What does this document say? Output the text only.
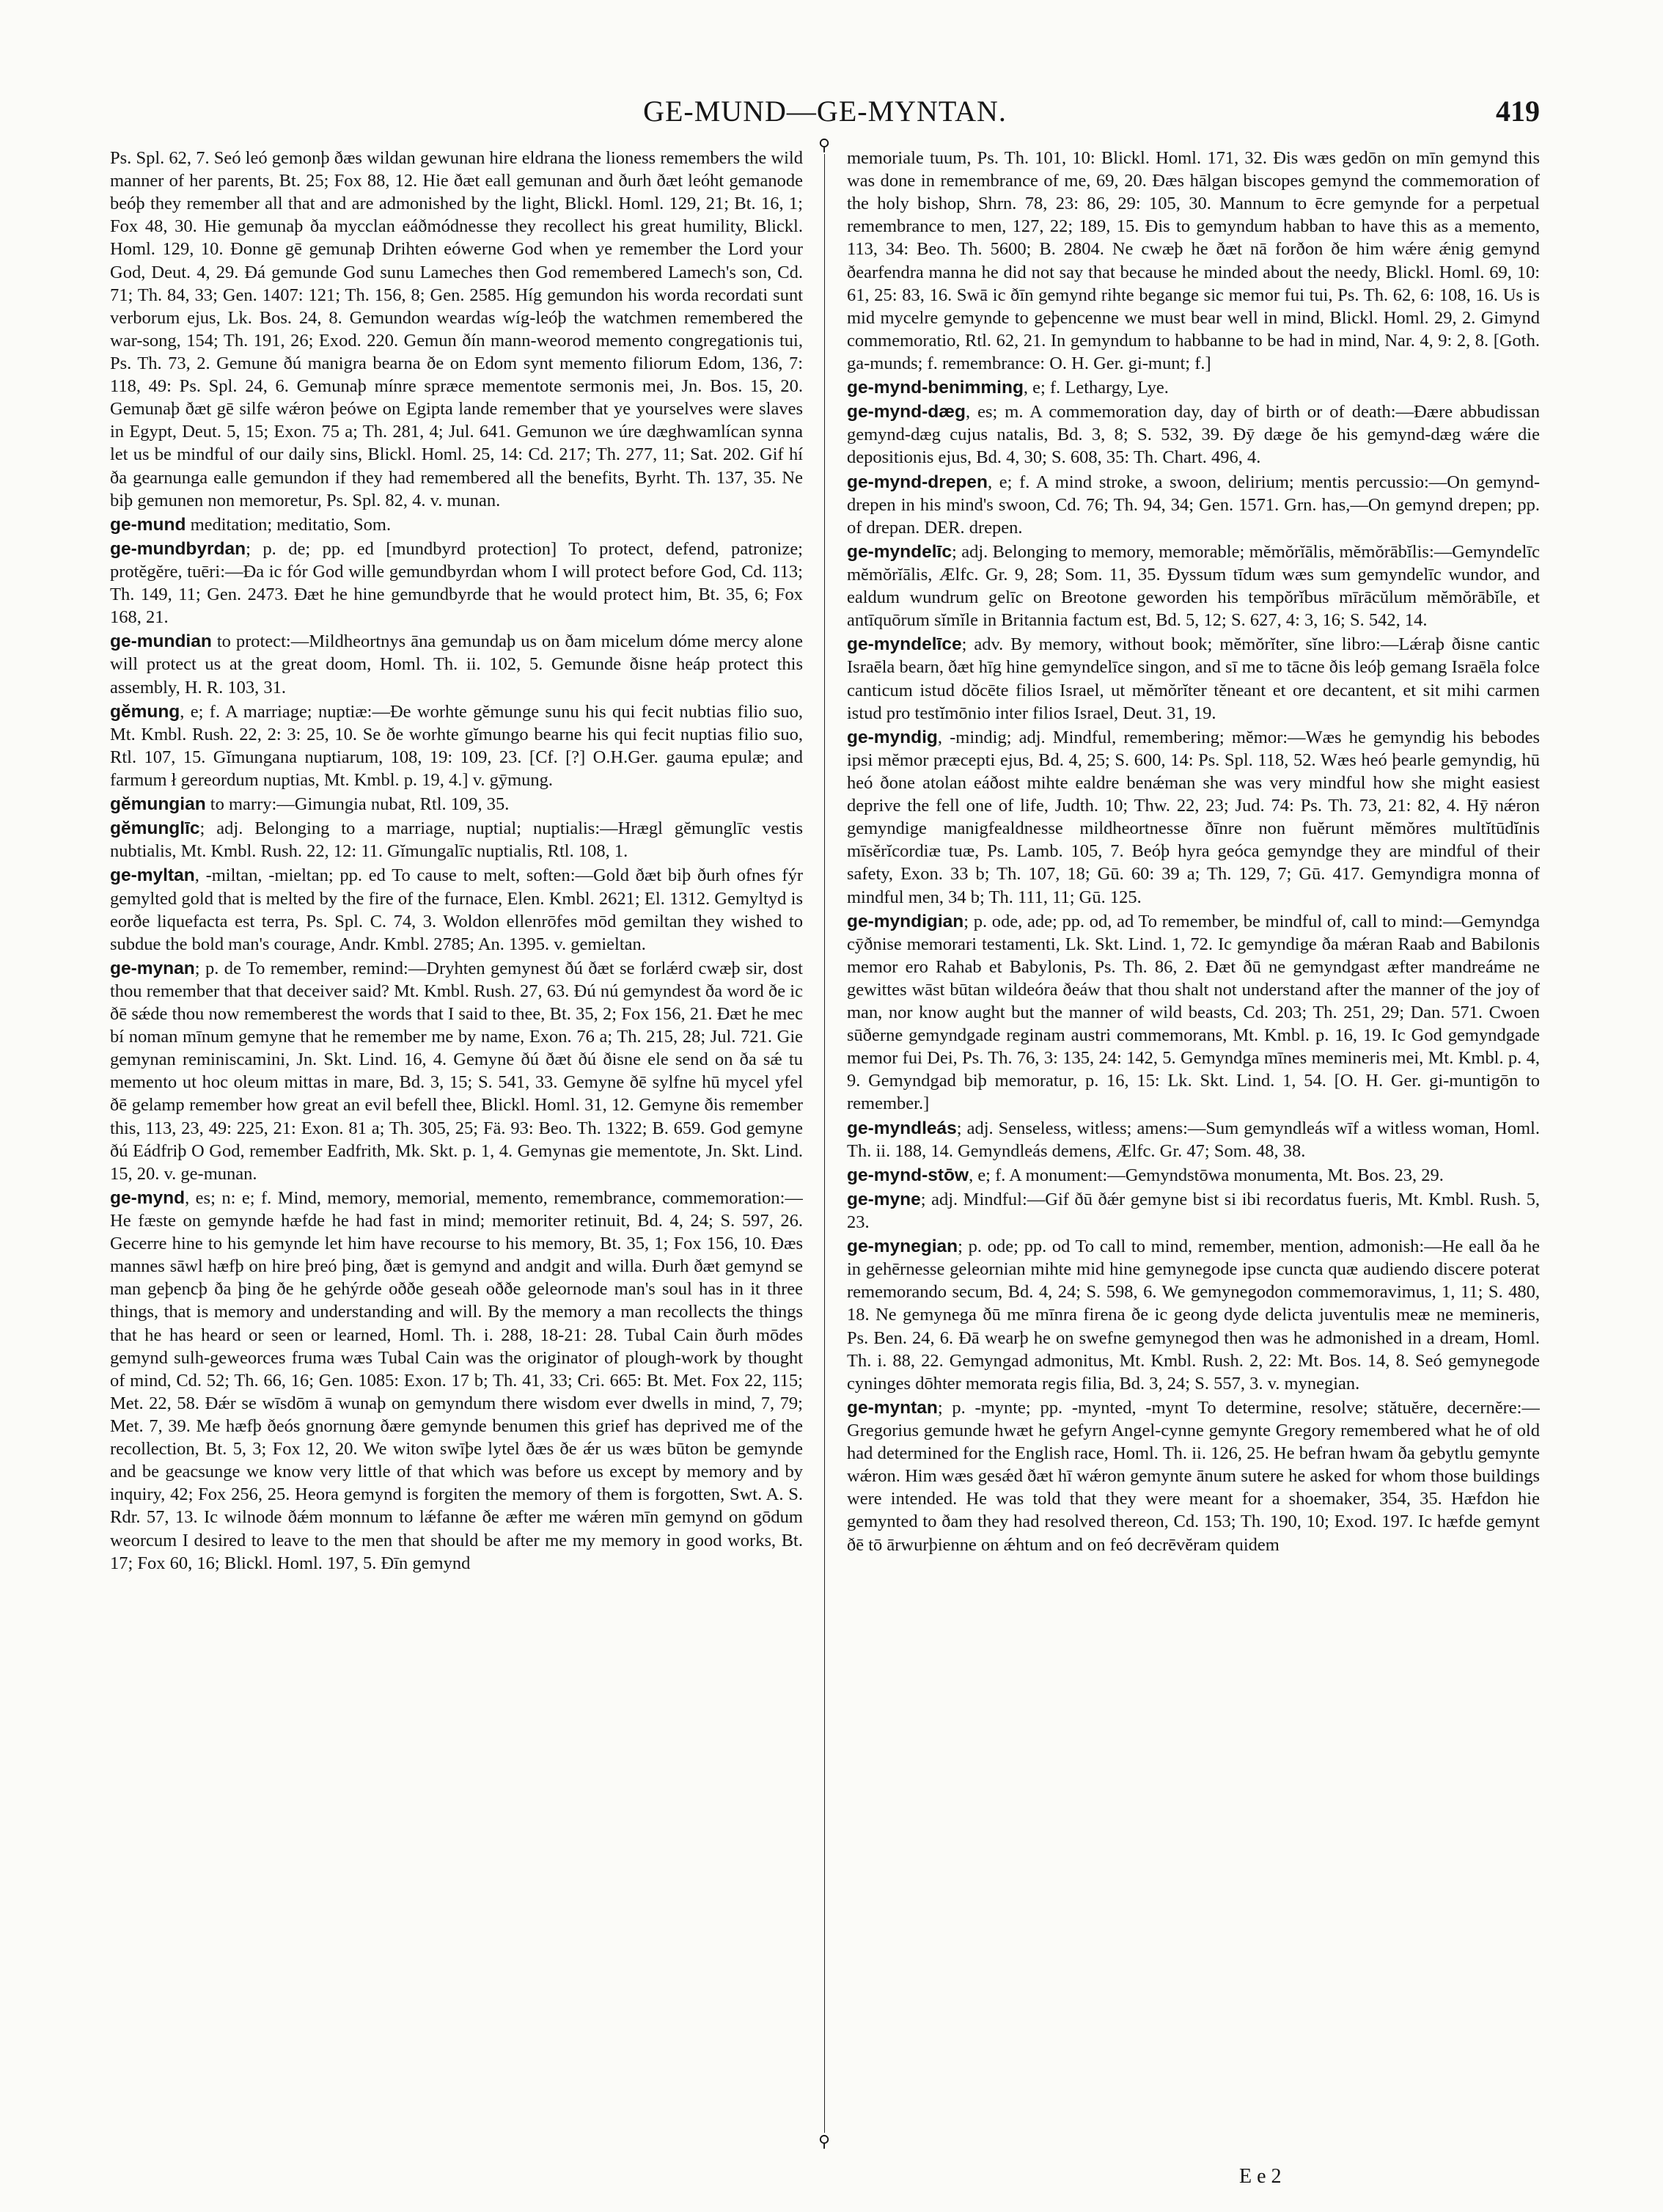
GE-MUND—GE-MYNTAN.	419

Ps. Spl. 62, 7. Seó leó gemonþ ðæs wildan gewunan hire eldrana the lioness remembers the wild manner of her parents, Bt. 25; Fox 88, 12. Hie ðæt eall gemunan and ðurh ðæt leóht gemanode beóþ they remember all that and are admonished by the light, Blickl. Homl. 129, 21; Bt. 16, 1; Fox 48, 30. Hie gemunaþ ða mycclan eáðmódnesse they recollect his great humility, Blickl. Homl. 129, 10. Ðonne gē gemunaþ Drihten eówerne God when ye remember the Lord your God, Deut. 4, 29. Ðá gemunde God sunu Lameches then God remembered Lamech's son, Cd. 71; Th. 84, 33; Gen. 1407: 121; Th. 156, 8; Gen. 2585. Híg gemundon his worda recordati sunt verborum ejus, Lk. Bos. 24, 8. Gemundon weardas wíg-leóþ the watchmen remembered the war-song, 154; Th. 191, 26; Exod. 220. Gemun ðín mann-weorod memento congregationis tui, Ps. Th. 73, 2. Gemune ðú manigra bearna ðe on Edom synt memento filiorum Edom, 136, 7: 118, 49: Ps. Spl. 24, 6. Gemunaþ mínre spræce mementote sermonis mei, Jn. Bos. 15, 20. Gemunaþ ðæt gē silfe wǽron þeówe on Egipta lande remember that ye yourselves were slaves in Egypt, Deut. 5, 15; Exon. 75 a; Th. 281, 4; Jul. 641. Gemunon we úre dæghwamlícan synna let us be mindful of our daily sins, Blickl. Homl. 25, 14: Cd. 217; Th. 277, 11; Sat. 202. Gif hí ða gearnunga ealle gemundon if they had remembered all the benefits, Byrht. Th. 137, 35. Ne biþ gemunen non memoretur, Ps. Spl. 82, 4. v. munan.

ge-mund meditation; meditatio, Som.

ge-mundbyrdan; p. de; pp. ed [mundbyrd protection] To protect, defend, patronize; protĕgĕre, tuēri:—Ða ic fór God wille gemundbyrdan whom I will protect before God, Cd. 113; Th. 149, 11; Gen. 2473. Ðæt he hine gemundbyrde that he would protect him, Bt. 35, 6; Fox 168, 21.

ge-mundian to protect:—Mildheortnys āna gemundaþ us on ðam micelum dóme mercy alone will protect us at the great doom, Homl. Th. ii. 102, 5. Gemunde ðisne heáp protect this assembly, H. R. 103, 31.

gĕmung, e; f. A marriage; nuptiæ:—Ðe worhte gĕmunge sunu his qui fecit nubtias filio suo, Mt. Kmbl. Rush. 22, 2: 3: 25, 10. Se ðe worhte gĭmungo bearne his qui fecit nuptias filio suo, Rtl. 107, 15. Gĭmungana nuptiarum, 108, 19: 109, 23. [Cf. [?] O.H.Ger. gauma epulæ; and farmum ł gereordum nuptias, Mt. Kmbl. p. 19, 4.] v. gȳmung.

gĕmungian to marry:—Gimungia nubat, Rtl. 109, 35.

gĕmunglīc; adj. Belonging to a marriage, nuptial; nuptialis:—Hrægl gĕmunglīc vestis nubtialis, Mt. Kmbl. Rush. 22, 12: 11. Gĭmungalīc nuptialis, Rtl. 108, 1.

ge-myltan, -miltan, -mieltan; pp. ed To cause to melt, soften:—Gold ðæt biþ ðurh ofnes fýr gemylted gold that is melted by the fire of the furnace, Elen. Kmbl. 2621; El. 1312. Gemyltyd is eorðe liquefacta est terra, Ps. Spl. C. 74, 3. Woldon ellenrōfes mōd gemiltan they wished to subdue the bold man's courage, Andr. Kmbl. 2785; An. 1395. v. gemieltan.

ge-mynan; p. de To remember, remind:—Dryhten gemynest ðú ðæt se forlǽrd cwæþ sir, dost thou remember that that deceiver said? Mt. Kmbl. Rush. 27, 63. Ðú nú gemyndest ða word ðe ic ðē sǽde thou now rememberest the words that I said to thee, Bt. 35, 2; Fox 156, 21. Ðæt he mec bí noman mīnum gemyne that he remember me by name, Exon. 76 a; Th. 215, 28; Jul. 721. Gie gemynan reminiscamini, Jn. Skt. Lind. 16, 4. Gemyne ðú ðæt ðú ðisne ele send on ða sǽ tu memento ut hoc oleum mittas in mare, Bd. 3, 15; S. 541, 33. Gemyne ðē sylfne hū mycel yfel ðē gelamp remember how great an evil befell thee, Blickl. Homl. 31, 12. Gemyne ðis remember this, 113, 23, 49: 225, 21: Exon. 81 a; Th. 305, 25; Fä. 93: Beo. Th. 1322; B. 659. God gemyne ðú Eádfriþ O God, remember Eadfrith, Mk. Skt. p. 1, 4. Gemynas gie mementote, Jn. Skt. Lind. 15, 20. v. ge-munan.

ge-mynd, es; n: e; f. Mind, memory, memorial, memento, remembrance, commemoration:—He fæste on gemynde hæfde he had fast in mind; memoriter retinuit, Bd. 4, 24; S. 597, 26. Gecerre hine to his gemynde let him have recourse to his memory, Bt. 35, 1; Fox 156, 10. Ðæs mannes sāwl hæfþ on hire þreó þing, ðæt is gemynd and andgit and willa. Ðurh ðæt gemynd se man geþencþ ða þing ðe he gehýrde oððe geseah oððe geleornode man's soul has in it three things, that is memory and understanding and will. By the memory a man recollects the things that he has heard or seen or learned, Homl. Th. i. 288, 18-21: 28. Tubal Cain ðurh mōdes gemynd sulh-geweorces fruma wæs Tubal Cain was the originator of plough-work by thought of mind, Cd. 52; Th. 66, 16; Gen. 1085: Exon. 17 b; Th. 41, 33; Cri. 665: Bt. Met. Fox 22, 115; Met. 22, 58. Ðǽr se wīsdōm ā wunaþ on gemyndum there wisdom ever dwells in mind, 7, 79; Met. 7, 39. Me hæfþ ðeós gnornung ðære gemynde benumen this grief has deprived me of the recollection, Bt. 5, 3; Fox 12, 20. We witon swīþe lytel ðæs ðe ǽr us wæs būton be gemynde and be geacsunge we know very little of that which was before us except by memory and by inquiry, 42; Fox 256, 25. Heora gemynd is forgiten the memory of them is forgotten, Swt. A. S. Rdr. 57, 13. Ic wilnode ðǽm monnum to lǽfanne ðe æfter me wǽren mīn gemynd on gōdum weorcum I desired to leave to the men that should be after me my memory in good works, Bt. 17; Fox 60, 16; Blickl. Homl. 197, 5. Ðīn gemynd

⚲
⚲

memoriale tuum, Ps. Th. 101, 10: Blickl. Homl. 171, 32. Ðis wæs gedōn on mīn gemynd this was done in remembrance of me, 69, 20. Ðæs hālgan biscopes gemynd the commemoration of the holy bishop, Shrn. 78, 23: 86, 29: 105, 30. Mannum to ēcre gemynde for a perpetual remembrance to men, 127, 22; 189, 15. Ðis to gemyndum habban to have this as a memento, 113, 34: Beo. Th. 5600; B. 2804. Ne cwæþ he ðæt nā forðon ðe him wǽre ǽnig gemynd ðearfendra manna he did not say that because he minded about the needy, Blickl. Homl. 69, 10: 61, 25: 83, 16. Swā ic ðīn gemynd rihte begange sic memor fui tui, Ps. Th. 62, 6: 108, 16. Us is mid mycelre gemynde to geþencenne we must bear well in mind, Blickl. Homl. 29, 2. Gimynd commemoratio, Rtl. 62, 21. In gemyndum to habbanne to be had in mind, Nar. 4, 9: 2, 8. [Goth. ga-munds; f. remembrance: O. H. Ger. gi-munt; f.]

ge-mynd-benimming, e; f. Lethargy, Lye.

ge-mynd-dæg, es; m. A commemoration day, day of birth or of death:—Ðære abbudissan gemynd-dæg cujus natalis, Bd. 3, 8; S. 532, 39. Ðȳ dæge ðe his gemynd-dæg wǽre die depositionis ejus, Bd. 4, 30; S. 608, 35: Th. Chart. 496, 4.

ge-mynd-drepen, e; f. A mind stroke, a swoon, delirium; mentis percussio:—On gemynd-drepen in his mind's swoon, Cd. 76; Th. 94, 34; Gen. 1571. Grn. has,—On gemynd drepen; pp. of drepan. DER. drepen.

ge-myndelīc; adj. Belonging to memory, memorable; mĕmŏrĭālis, mĕmŏrābĭlis:—Gemyndelīc mĕmŏrĭālis, Ælfc. Gr. 9, 28; Som. 11, 35. Ðyssum tīdum wæs sum gemyndelīc wundor, and ealdum wundrum gelīc on Breotone geworden his tempŏrĭbus mīrācŭlum mĕmŏrābĭle, et antīquōrum sĭmĭle in Britannia factum est, Bd. 5, 12; S. 627, 4: 3, 16; S. 542, 14.

ge-myndelīce; adv. By memory, without book; mĕmŏrĭter, sĭne libro:—Lǽraþ ðisne cantic Israēla bearn, ðæt hīg hine gemyndelīce singon, and sī me to tācne ðis leóþ gemang Israēla folce canticum istud dŏcēte filios Israel, ut mĕmŏrĭter tĕneant et ore decantent, et sit mihi carmen istud pro testĭmōnio inter filios Israel, Deut. 31, 19.

ge-myndig, -mindig; adj. Mindful, remembering; mĕmor:—Wæs he gemyndig his bebodes ipsi mĕmor præcepti ejus, Bd. 4, 25; S. 600, 14: Ps. Spl. 118, 52. Wæs heó þearle gemyndig, hū heó ðone atolan eáðost mihte ealdre benǽman she was very mindful how she might easiest deprive the fell one of life, Judth. 10; Thw. 22, 23; Jud. 74: Ps. Th. 73, 21: 82, 4. Hȳ nǽron gemyndige manigfealdnesse mildheortnesse ðīnre non fuĕrunt mĕmŏres multĭtūdĭnis mīsĕrĭcordiæ tuæ, Ps. Lamb. 105, 7. Beóþ hyra geóca gemyndge they are mindful of their safety, Exon. 33 b; Th. 107, 18; Gū. 60: 39 a; Th. 129, 7; Gū. 417. Gemyndigra monna of mindful men, 34 b; Th. 111, 11; Gū. 125.

ge-myndigian; p. ode, ade; pp. od, ad To remember, be mindful of, call to mind:—Gemyndga cȳðnise memorari testamenti, Lk. Skt. Lind. 1, 72. Ic gemyndige ða mǽran Raab and Babilonis memor ero Rahab et Babylonis, Ps. Th. 86, 2. Ðæt ðū ne gemyndgast æfter mandreáme ne gewittes wāst būtan wildeóra ðeáw that thou shalt not understand after the manner of the joy of man, nor know aught but the manner of wild beasts, Cd. 203; Th. 251, 29; Dan. 571. Cwoen sūðerne gemyndgade reginam austri commemorans, Mt. Kmbl. p. 16, 19. Ic God gemyndgade memor fui Dei, Ps. Th. 76, 3: 135, 24: 142, 5. Gemyndga mīnes memineris mei, Mt. Kmbl. p. 4, 9. Gemyndgad biþ memoratur, p. 16, 15: Lk. Skt. Lind. 1, 54. [O. H. Ger. gi-muntigōn to remember.]

ge-myndleás; adj. Senseless, witless; amens:—Sum gemyndleás wīf a witless woman, Homl. Th. ii. 188, 14. Gemyndleás demens, Ælfc. Gr. 47; Som. 48, 38.

ge-mynd-stōw, e; f. A monument:—Gemyndstōwa monumenta, Mt. Bos. 23, 29.

ge-myne; adj. Mindful:—Gif ðū ðǽr gemyne bist si ibi recordatus fueris, Mt. Kmbl. Rush. 5, 23.

ge-mynegian; p. ode; pp. od To call to mind, remember, mention, admonish:—He eall ða he in gehērnesse geleornian mihte mid hine gemynegode ipse cuncta quæ audiendo discere poterat rememorando secum, Bd. 4, 24; S. 598, 6. We gemynegodon commemoravimus, 1, 11; S. 480, 18. Ne gemynega ðū me mīnra firena ðe ic geong dyde delicta juventulis meæ ne memineris, Ps. Ben. 24, 6. Ðā wearþ he on swefne gemynegod then was he admonished in a dream, Homl. Th. i. 88, 22. Gemyngad admonitus, Mt. Kmbl. Rush. 2, 22: Mt. Bos. 14, 8. Seó gemynegode cyninges dōhter memorata regis filia, Bd. 3, 24; S. 557, 3. v. mynegian.

ge-myntan; p. -mynte; pp. -mynted, -mynt To determine, resolve; stătuĕre, decernĕre:—Gregorius gemunde hwæt he gefyrn Angel-cynne gemynte Gregory remembered what he of old had determined for the English race, Homl. Th. ii. 126, 25. He befran hwam ða gebytlu gemynte wǽron. Him wæs gesǽd ðæt hī wǽron gemynte ānum sutere he asked for whom those buildings were intended. He was told that they were meant for a shoemaker, 354, 35. Hæfdon hie gemynted to ðam they had resolved thereon, Cd. 153; Th. 190, 10; Exod. 197. Ic hæfde gemynt ðē tō ārwurþienne on ǽhtum and on feó decrēvĕram quidem

E e 2
